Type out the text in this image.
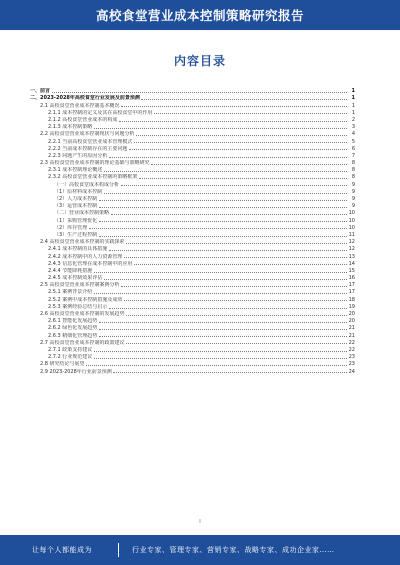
高校食堂营业成本控制策略研究报告
内容目录
一、前言	1
二、2023-2028年高校食堂行业发展及前景预测	1
2.1 高校食堂营业成本控制基本概况	1
2.1.1 成本控制的定义及其在高校食堂中的作用	1
2.1.2 高校食堂营业成本的构成	2
2.1.3 成本控制策略	3
2.2 高校食堂营业成本控制现状与问题分析	4
2.2.1 当前高校食堂营业成本管理模式	5
2.2.2 当前成本控制存在的主要问题	6
2.2.3 问题产生的原因分析	7
2.3 高校食堂营业成本控制的理论基础与策略研究	8
2.3.1 成本控制理论概述	8
2.3.2 高校食堂营业成本控制的策略框架	8
（一）高校食堂成本构成分析	9
（1）原材料成本控制	9
（2）人力成本控制	9
（3）运营成本控制	9
（二）营业成本控制策略	10
（1）采购管理优化	10
（2）库存管理	10
（3）生产过程控制	11
2.4 高校食堂营业成本控制的实践探索	12
2.4.1 成本控制的具体措施	12
2.4.2 成本控制中的人力资源管理	13
2.4.3 信息化管理在成本控制中的应用	14
2.4.4 节能降耗措施	15
2.4.5 成本控制效果评估	16
2.5 高校食堂营业成本控制案例分析	17
2.5.1 案例背景介绍	17
2.5.2 案例中成本控制措施及成效	18
2.5.3 案例经验总结与启示	19
2.6 高校食堂营业成本控制的发展趋势	20
2.6.1 智能化发展趋势	20
2.6.2 绿色化发展趋势	21
2.6.3 精细化管理趋势	21
2.7 高校食堂营业成本控制的政策建议	22
2.7.1 政策支持建议	22
2.7.2 行业规范建议	23
2.8 研究结论与展望	23
2.9 2023-2028年行业前景预测	24
I
让每个人都能成为	行业专家、管理专家、营销专家、战略专家、成功企业家……
